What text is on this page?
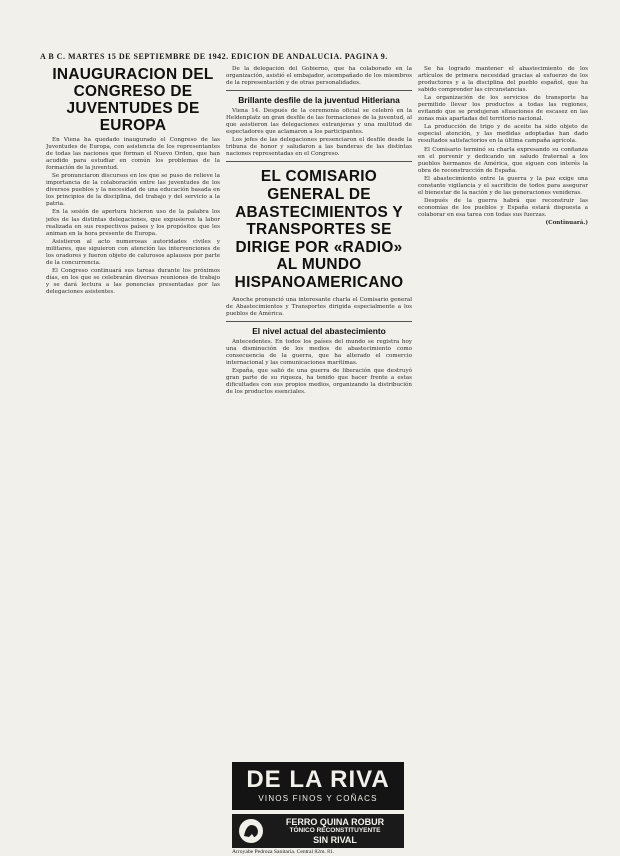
A B C. MARTES 15 DE SEPTIEMBRE DE 1942. EDICION DE ANDALUCIA. PAGINA 9.
INAUGURACION DEL CONGRESO DE JUVENTUDES DE EUROPA

En Viena ha quedado inaugurado el Congreso de las Juventudes de Europa, con asistencia de los representantes de todas las naciones que forman el Nuevo Orden, que han acudido para estudiar en común los problemas de la formación de la juventud.

Se pronunciaron discursos en los que se puso de relieve la importancia de la colaboración entre las juventudes de los diversos pueblos y la necesidad de una educación basada en los principios de la disciplina, del trabajo y del servicio a la patria.

En la sesión de apertura hicieron uso de la palabra los jefes de las distintas delegaciones, que expusieron la labor realizada en sus respectivos países y los propósitos que les animan en la hora presente de Europa.

Asistieron al acto numerosas autoridades civiles y militares, que siguieron con atención las intervenciones de los oradores y fueron objeto de calurosos aplausos por parte de la concurrencia.

El Congreso continuará sus tareas durante los próximos días, en los que se celebrarán diversas reuniones de trabajo y se dará lectura a las ponencias presentadas por las delegaciones asistentes.

De la delegación del Gobierno, que ha colaborado en la organización, asistió el embajador, acompañado de los miembros de la representación y de otras personalidades.

Brillante desfile de la juventud Hitleriana

Viena 14. Después de la ceremonia oficial se celebró en la Heldenplatz un gran desfile de las formaciones de la juventud, al que asistieron las delegaciones extranjeras y una multitud de espectadores que aclamaron a los participantes.

Los jefes de las delegaciones presenciaron el desfile desde la tribuna de honor y saludaron a las banderas de las distintas naciones representadas en el Congreso.

EL COMISARIO GENERAL DE ABASTECIMIENTOS Y TRANSPORTES SE DIRIGE POR «RADIO» AL MUNDO HISPANOAMERICANO

Anoche pronunció una interesante charla el Comisario general de Abastecimientos y Transportes dirigida especialmente a los pueblos de América.

El nivel actual del abastecimiento

Antecedentes. En todos los países del mundo se registra hoy una disminución de los medios de abastecimiento como consecuencia de la guerra, que ha alterado el comercio internacional y las comunicaciones marítimas.

España, que salió de una guerra de liberación que destruyó gran parte de su riqueza, ha tenido que hacer frente a estas dificultades con sus propios medios, organizando la distribución de los productos esenciales.

Se ha logrado mantener el abastecimiento de los artículos de primera necesidad gracias al esfuerzo de los productores y a la disciplina del pueblo español, que ha sabido comprender las circunstancias.

La organización de los servicios de transporte ha permitido llevar los productos a todas las regiones, evitando que se produjeran situaciones de escasez en las zonas más apartadas del territorio nacional.

La producción de trigo y de aceite ha sido objeto de especial atención, y las medidas adoptadas han dado resultados satisfactorios en la última campaña agrícola.

El Comisario terminó su charla expresando su confianza en el porvenir y dedicando un saludo fraternal a los pueblos hermanos de América, que siguen con interés la obra de reconstrucción de España.

El abastecimiento entre la guerra y la paz exige una constante vigilancia y el sacrificio de todos para asegurar el bienestar de la nación y de las generaciones venideras.

Después de la guerra habrá que reconstruir las economías de los pueblos y España estará dispuesta a colaborar en esa tarea con todas sus fuerzas.

(Continuará.)
DE LA RIVA
VINOS FINOS Y COÑACS
FERRO QUINA ROBUR
TÓNICO RECONSTITUYENTE
SIN RIVAL
Arroyabe Pedroza Sanitaria. Central 82m. 81.
